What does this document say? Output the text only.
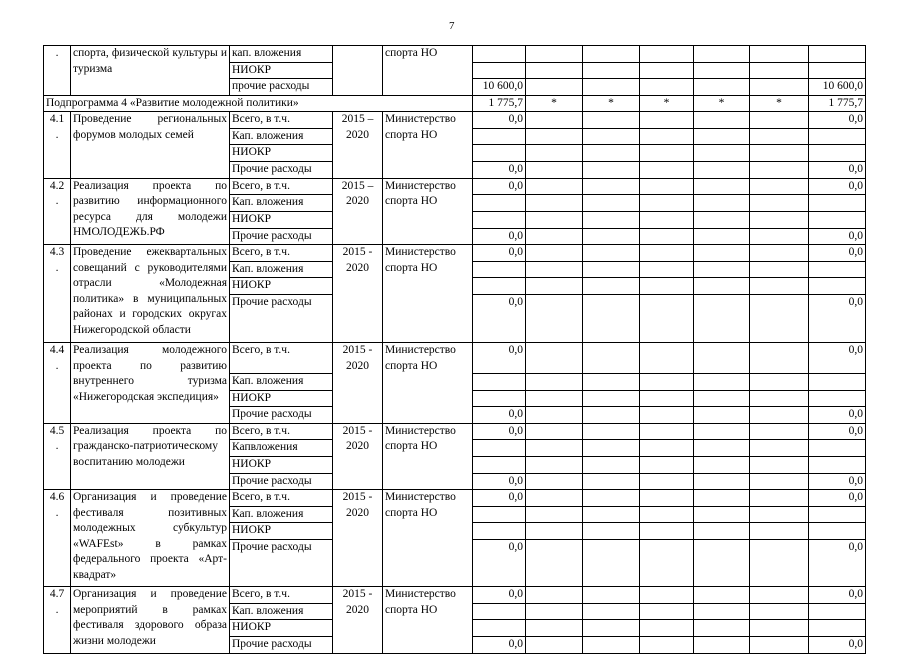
7
.	спорта, физической культуры и туризма	кап. вложения		спорта НО							
		НИОКР									
		прочие расходы			10 600,0						10 600,0
Подпрограмма 4 «Развитие молодежной политики»					1 775,7	*	*	*	*	*	1 775,7

4.1
.	Проведение региональных форумов молодых семей	Всего, в т.ч.	2015 – 2020	Министерство спорта НО	0,0						0,0
		Кап. вложения									
		НИОКР									
		Прочие расходы			0,0						0,0

4.2
.	Реализация проекта по развитию информационного ресурса для молодежи НМОЛОДЕЖЬ.РФ	Всего, в т.ч.	2015 – 2020	Министерство спорта НО	0,0						0,0
		Кап. вложения									
		НИОКР									
		Прочие расходы			0,0						0,0

4.3
.	Проведение ежеквартальных совещаний с руководителями отрасли «Молодежная политика» в муниципальных районах и городских округах Нижегородской области	Всего, в т.ч.	2015 - 2020	Министерство спорта НО	0,0						0,0
		Кап. вложения									
		НИОКР									
		Прочие расходы			0,0						0,0

4.4
.	Реализация молодежного проекта по развитию внутреннего туризма «Нижегородская экспедиция»	Всего, в т.ч.	2015 - 2020	Министерство спорта НО	0,0						0,0
		Кап. вложения									
		НИОКР									
		Прочие расходы			0,0						0,0

4.5
.	Реализация проекта по гражданско-патриотическому воспитанию молодежи	Всего, в т.ч.	2015 - 2020	Министерство спорта НО	0,0						0,0
		Капвложения									
		НИОКР									
		Прочие расходы			0,0						0,0

4.6
.	Организация и проведение фестиваля позитивных молодежных субкультур «WAFEst» в рамках федерального проекта «Арт-квадрат»	Всего, в т.ч.	2015 - 2020	Министерство спорта НО	0,0						0,0
		Кап. вложения									
		НИОКР									
		Прочие расходы			0,0						0,0

4.7
.	Организация и проведение мероприятий в рамках фестиваля здорового образа жизни молодежи	Всего, в т.ч.	2015 - 2020	Министерство спорта НО	0,0						0,0
		Кап. вложения									
		НИОКР									
		Прочие расходы			0,0						0,0
